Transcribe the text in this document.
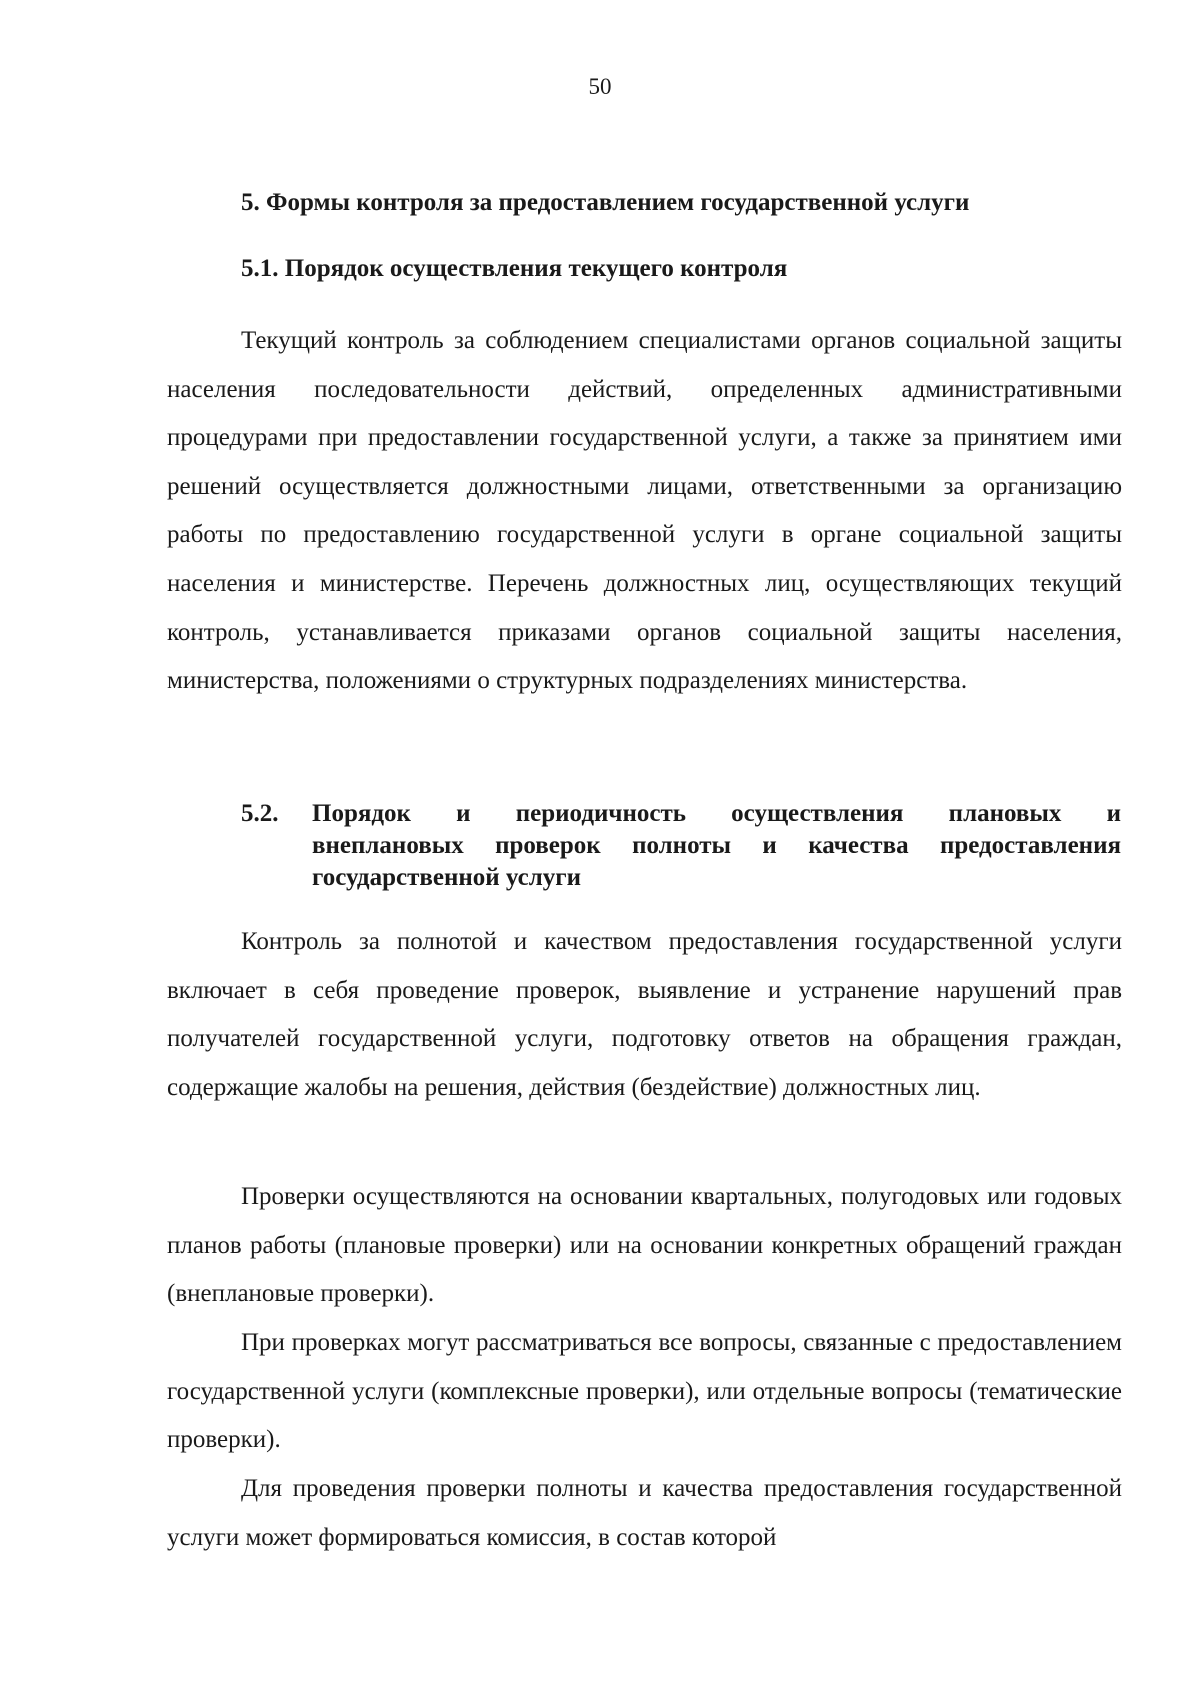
50
5. Формы контроля за предоставлением государственной услуги
5.1. Порядок осуществления текущего контроля

Текущий контроль за соблюдением специалистами органов социальной защиты населения последовательности действий, определенных административными процедурами при предоставлении государственной услуги, а также за принятием ими решений осуществляется должностными лицами, ответственными за организацию работы по предоставлению государственной услуги в органе социальной защиты населения и министерстве. Перечень должностных лиц, осуществляющих текущий контроль, устанавливается приказами органов социальной защиты населения, министерства, положениями о структурных подразделениях министерства.

5.2. Порядок и периодичность осуществления плановых и
внеплановых проверок полноты и качества предоставления
государственной услуги

Контроль за полнотой и качеством предоставления государственной услуги включает в себя проведение проверок, выявление и устранение нарушений прав получателей государственной услуги, подготовку ответов на обращения граждан, содержащие жалобы на решения, действия (бездействие) должностных лиц.

Проверки осуществляются на основании квартальных, полугодовых или годовых планов работы (плановые проверки) или на основании конкретных обращений граждан (внеплановые проверки).

При проверках могут рассматриваться все вопросы, связанные с предоставлением государственной услуги (комплексные проверки), или отдельные вопросы (тематические проверки).

Для проведения проверки полноты и качества предоставления государственной услуги может формироваться комиссия, в состав которой
